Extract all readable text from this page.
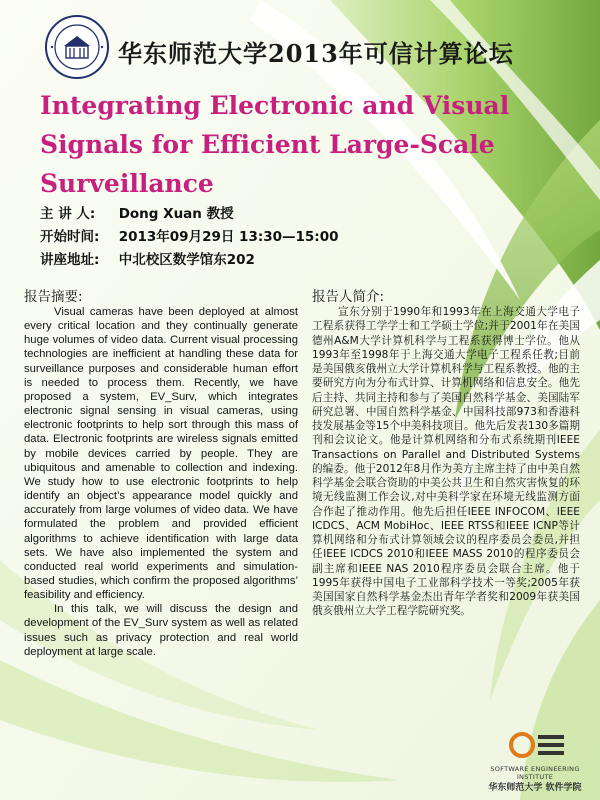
华东师范大学2013年可信计算论坛
Integrating Electronic and Visual Signals for Efficient Large-Scale Surveillance
主 讲 人: Dong Xuan 教授
开始时间: 2013年09月29日 13:30—15:00
讲座地址: 中北校区数学馆东202
报告摘要:	报告人简介:

Visual cameras have been deployed at almost every critical location and they continually generate huge volumes of video data. Current visual processing technologies are inefficient at handling these data for surveillance purposes and considerable human effort is needed to process them. Recently, we have proposed a system, EV_Surv, which integrates electronic signal sensing in visual cameras, using electronic footprints to help sort through this mass of data. Electronic footprints are wireless signals emitted by mobile devices carried by people. They are ubiquitous and amenable to collection and indexing. We study how to use electronic footprints to help identify an object’s appearance model quickly and accurately from large volumes of video data. We have formulated the problem and provided efficient algorithms to achieve identification with large data sets. We have also implemented the system and conducted real world experiments and simulation-based studies, which confirm the proposed algorithms’ feasibility and efficiency.

In this talk, we will discuss the design and development of the EV_Surv system as well as related issues such as privacy protection and real world deployment at large scale.

宣东分别于1990年和1993年在上海交通大学电子工程系获得工学学士和工学硕士学位;并于2001年在美国德州A&M大学计算机科学与工程系获得博士学位。他从1993年至1998年于上海交通大学电子工程系任教;目前是美国俄亥俄州立大学计算机科学与工程系教授。他的主要研究方向为分布式计算、计算机网络和信息安全。他先后主持、共同主持和参与了美国自然科学基金、美国陆军研究总署、中国自然科学基金、中国科技部973和香港科技发展基金等15个中美科技项目。他先后发表130多篇期刊和会议论文。他是计算机网络和分布式系统期刊IEEE Transactions on Parallel and Distributed Systems的编委。他于2012年8月作为美方主席主持了由中美自然科学基金会联合资助的中美公共卫生和自然灾害恢复的环境无线监测工作会议,对中美科学家在环境无线监测方面合作起了推动作用。他先后担任IEEE INFOCOM、IEEE ICDCS、ACM MobiHoc、IEEE RTSS和IEEE ICNP等计算机网络和分布式计算领域会议的程序委员会委员,并担任IEEE ICDCS 2010和IEEE MASS 2010的程序委员会副主席和IEEE NAS 2010程序委员会联合主席。他于1995年获得中国电子工业部科学技术一等奖;2005年获美国国家自然科学基金杰出青年学者奖和2009年获美国俄亥俄州立大学工程学院研究奖。

SOFTWARE ENGINEERING INSTITUTE
华东师范大学 软件学院
